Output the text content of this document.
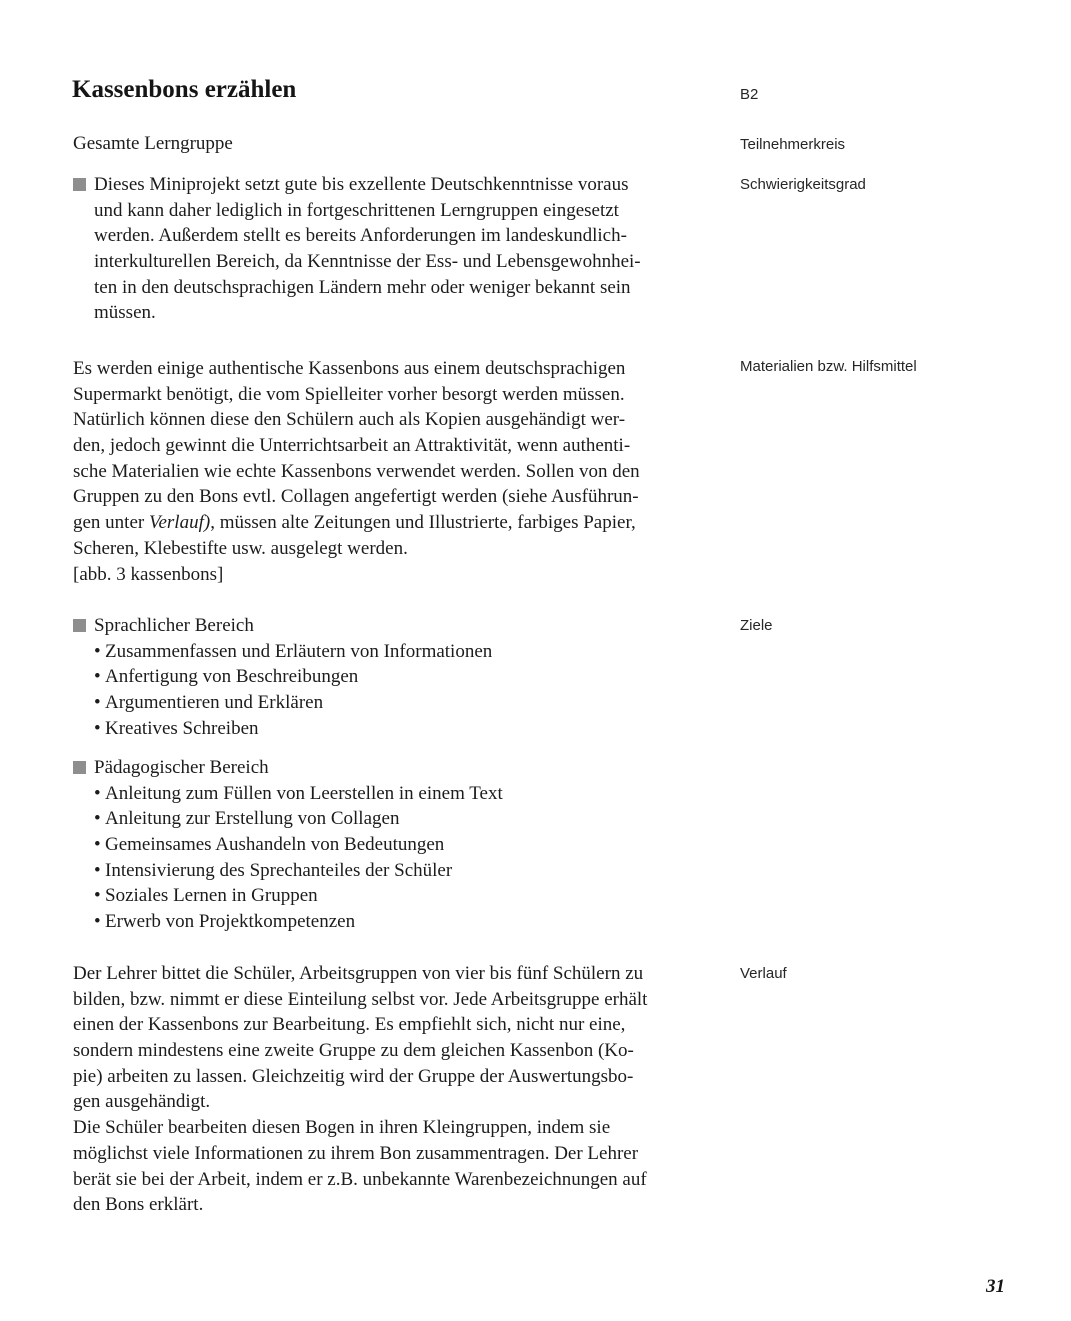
Kassenbons erzählen	B2
Gesamte Lerngruppe	Teilnehmerkreis
Dieses Miniprojekt setzt gute bis exzellente Deutschkenntnisse voraus
und kann daher lediglich in fortgeschrittenen Lerngruppen eingesetzt
werden. Außerdem stellt es bereits Anforderungen im landeskundlich-
interkulturellen Bereich, da Kenntnisse der Ess- und Lebensgewohnhei-
ten in den deutschsprachigen Ländern mehr oder weniger bekannt sein
müssen.
Schwierigkeitsgrad
Es werden einige authentische Kassenbons aus einem deutschsprachigen
Supermarkt benötigt, die vom Spielleiter vorher besorgt werden müssen.
Natürlich können diese den Schülern auch als Kopien ausgehändigt wer-
den, jedoch gewinnt die Unterrichtsarbeit an Attraktivität, wenn authenti-
sche Materialien wie echte Kassenbons verwendet werden. Sollen von den
Gruppen zu den Bons evtl. Collagen angefertigt werden (siehe Ausführun-
gen unter Verlauf), müssen alte Zeitungen und Illustrierte, farbiges Papier,
Scheren, Klebestifte usw. ausgelegt werden.
[abb. 3 kassenbons]
Materialien bzw. Hilfsmittel
Sprachlicher Bereich
• Zusammenfassen und Erläutern von Informationen
• Anfertigung von Beschreibungen
• Argumentieren und Erklären
• Kreatives Schreiben
Ziele
Pädagogischer Bereich
• Anleitung zum Füllen von Leerstellen in einem Text
• Anleitung zur Erstellung von Collagen
• Gemeinsames Aushandeln von Bedeutungen
• Intensivierung des Sprechanteiles der Schüler
• Soziales Lernen in Gruppen
• Erwerb von Projektkompetenzen
Der Lehrer bittet die Schüler, Arbeitsgruppen von vier bis fünf Schülern zu
bilden, bzw. nimmt er diese Einteilung selbst vor. Jede Arbeitsgruppe erhält
einen der Kassenbons zur Bearbeitung. Es empfiehlt sich, nicht nur eine,
sondern mindestens eine zweite Gruppe zu dem gleichen Kassenbon (Ko-
pie) arbeiten zu lassen. Gleichzeitig wird der Gruppe der Auswertungsbo-
gen ausgehändigt.
Die Schüler bearbeiten diesen Bogen in ihren Kleingruppen, indem sie
möglichst viele Informationen zu ihrem Bon zusammentragen. Der Lehrer
berät sie bei der Arbeit, indem er z.B. unbekannte Warenbezeichnungen auf
den Bons erklärt.
Verlauf
31
